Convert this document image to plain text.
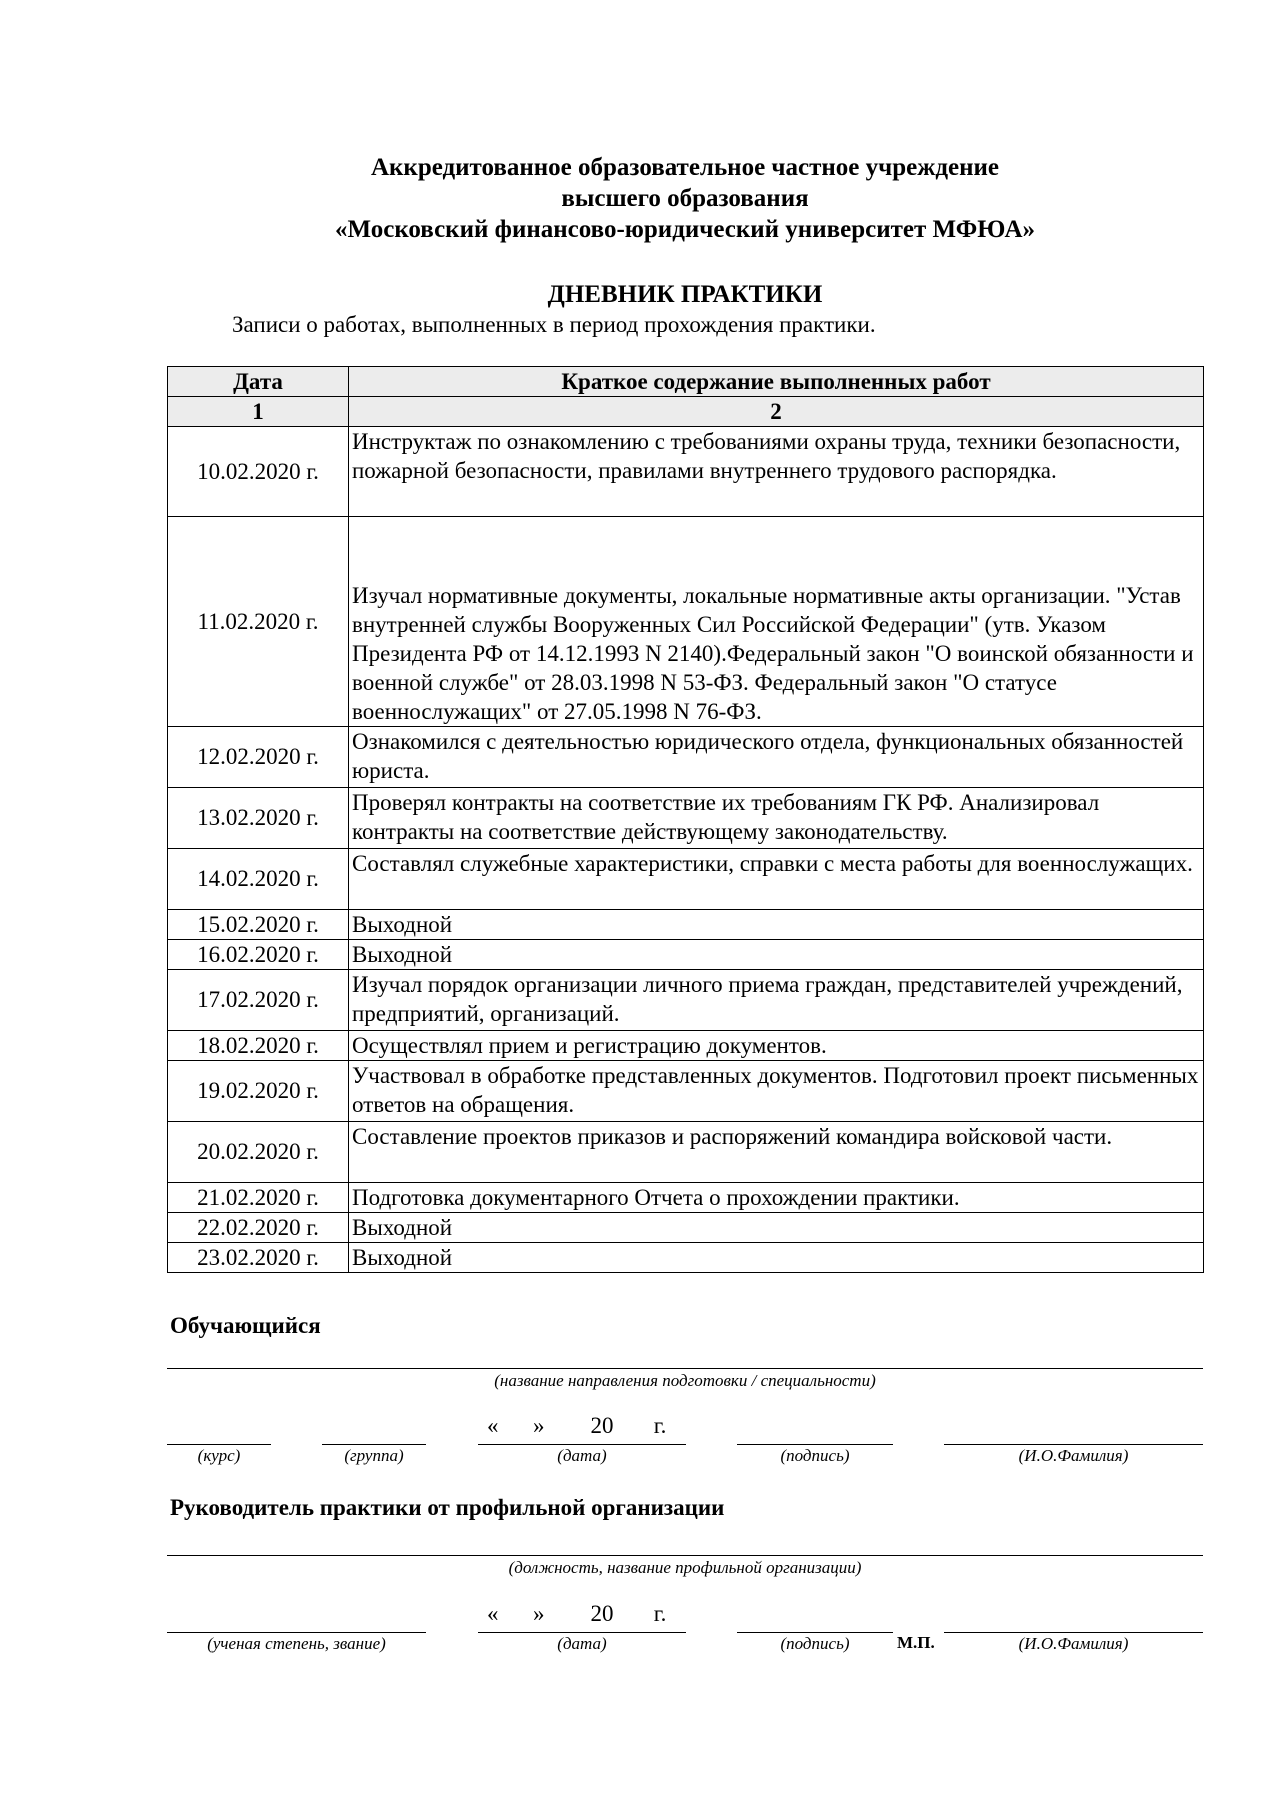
Аккредитованное образовательное частное учреждение
высшего образования
«Московский финансово-юридический университет МФЮА»
ДНЕВНИК ПРАКТИКИ
Записи о работах, выполненных в период прохождения практики.
Дата	Краткое содержание выполненных работ
1	2
10.02.2020 г.	Инструктаж по ознакомлению с требованиями охраны труда, техники безопасности, пожарной безопасности, правилами внутреннего трудового распорядка.
11.02.2020 г.	Изучал нормативные документы, локальные нормативные акты организации. "Устав внутренней службы Вооруженных Сил Российской Федерации" (утв. Указом Президента РФ от 14.12.1993 N 2140).Федеральный закон "О воинской обязанности и военной службе" от 28.03.1998 N 53-ФЗ. Федеральный закон "О статусе военнослужащих" от 27.05.1998 N 76-ФЗ.
12.02.2020 г.	Ознакомился с деятельностью юридического отдела, функциональных обязанностей юриста.
13.02.2020 г.	Проверял контракты на соответствие их требованиям ГК РФ. Анализировал контракты на соответствие действующему законодательству.
14.02.2020 г.	Составлял служебные характеристики, справки с места работы для военнослужащих.
15.02.2020 г.	Выходной
16.02.2020 г.	Выходной
17.02.2020 г.	Изучал порядок организации личного приема граждан, представителей учреждений, предприятий, организаций.
18.02.2020 г.	Осуществлял прием и регистрацию документов.
19.02.2020 г.	Участвовал в обработке представленных документов. Подготовил проект письменных ответов на обращения.
20.02.2020 г.	Составление проектов приказов и распоряжений командира войсковой части.
21.02.2020 г.	Подготовка документарного Отчета о прохождении практики.
22.02.2020 г.	Выходной
23.02.2020 г.	Выходной
Обучающийся
(название направления подготовки / специальности)
(курс)	(группа)
«      »        20       г.
(дата)	(подпись)	(И.О.Фамилия)
Руководитель практики от профильной организации
(должность, название профильной организации)
(ученая степень, звание)
«      »        20       г.
(дата)	(подпись)	М.П.	(И.О.Фамилия)
